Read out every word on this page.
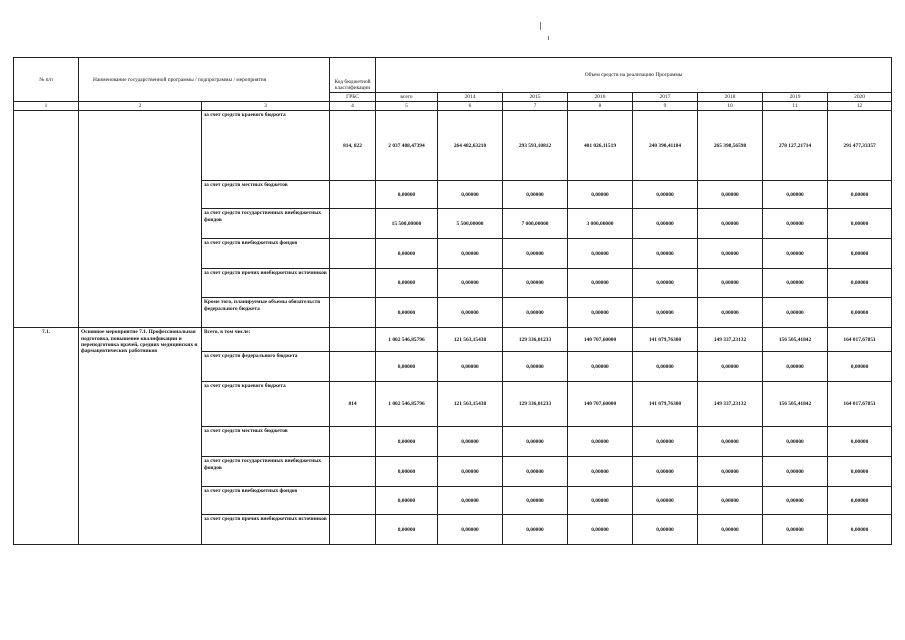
№ п/п	Наименование государственной программы / подпрограммы / мероприятия		Код бюджетной классификации	Объем средств на реализацию Программы							
			ГРБС	всего	2014	2015	2016	2017	2018	2019	2020
1	2	3	4	5	6	7	8	9	10	11	12
		за счет средств краевого бюджета	814, 822	2 037 488,47394	264 482,63210	293 593,10812	401 026,11519	240 390,41184	265 398,56598	278 127,21714	291 477,33357
		за счет средств местных бюджетов		0,00000	0,00000	0,00000	0,00000	0,00000	0,00000	0,00000	0,00000
		за счет средств государственных внебюджетных фондов		15 500,00000	5 500,00000	7 000,00000	3 000,00000	0,00000	0,00000	0,00000	0,00000
		за счет средств внебюджетных фондов		0,00000	0,00000	0,00000	0,00000	0,00000	0,00000	0,00000	0,00000
		за счет средств прочих внебюджетных источников		0,00000	0,00000	0,00000	0,00000	0,00000	0,00000	0,00000	0,00000
		Кроме того, планируемые объемы обязательств федерального бюджета		0,00000	0,00000	0,00000	0,00000	0,00000	0,00000	0,00000	0,00000
7.1.	Основное мероприятие 7.1. Профессиональная подготовка, повышение квалификации и переподготовка врачей, средних медицинских и фармацевтических работников	Всего, в том числе:		1 002 546,85796	121 563,15438	129 336,01233	140 707,60000	141 079,76300	149 337,23132	156 505,41842	164 017,67851
		за счет средств федерального бюджета		0,00000	0,00000	0,00000	0,00000	0,00000	0,00000	0,00000	0,00000
		за счет средств краевого бюджета	814	1 002 546,85796	121 563,15438	129 336,01233	140 707,60000	141 079,76300	149 337,23132	156 505,41842	164 017,67851
		за счет средств местных бюджетов		0,00000	0,00000	0,00000	0,00000	0,00000	0,00000	0,00000	0,00000
		за счет средств государственных внебюджетных фондов		0,00000	0,00000	0,00000	0,00000	0,00000	0,00000	0,00000	0,00000
		за счет средств внебюджетных фондов		0,00000	0,00000	0,00000	0,00000	0,00000	0,00000	0,00000	0,00000
		за счет средств прочих внебюджетных источников		0,00000	0,00000	0,00000	0,00000	0,00000	0,00000	0,00000	0,00000
